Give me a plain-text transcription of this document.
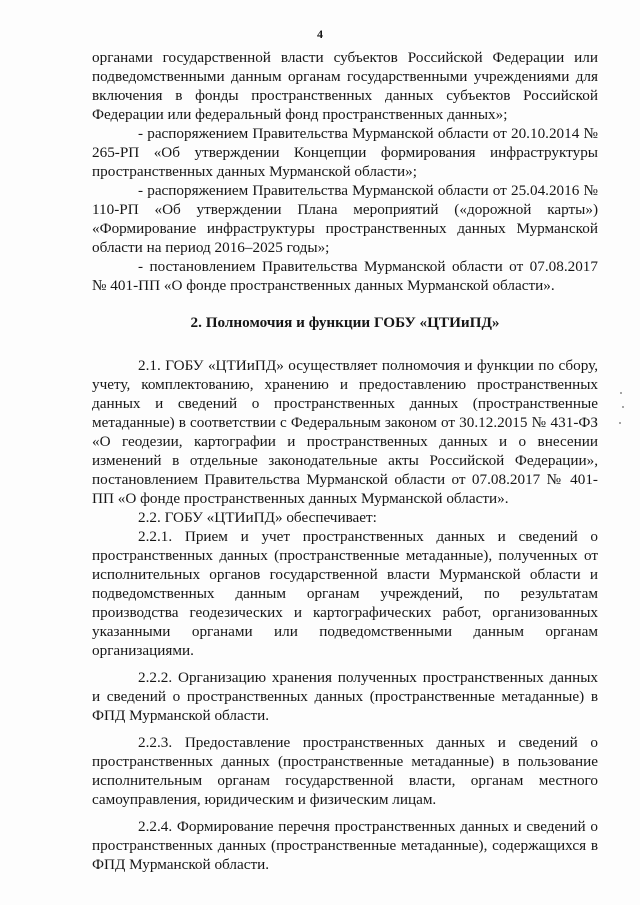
4

органами государственной власти субъектов Российской Федерации или подведомственными данным органам государственными учреждениями для включения в фонды пространственных данных субъектов Российской Федерации или федеральный фонд пространственных данных»;

- распоряжением Правительства Мурманской области от 20.10.2014 № 265-РП «Об утверждении Концепции формирования инфраструктуры пространственных данных Мурманской области»;

- распоряжением Правительства Мурманской области от 25.04.2016 № 110-РП «Об утверждении Плана мероприятий («дорожной карты») «Формирование инфраструктуры пространственных данных Мурманской области на период 2016–2025 годы»;

- постановлением Правительства Мурманской области от 07.08.2017 № 401-ПП «О фонде пространственных данных Мурманской области».

2. Полномочия и функции ГОБУ «ЦТИиПД»

2.1. ГОБУ «ЦТИиПД» осуществляет полномочия и функции по сбору, учету, комплектованию, хранению и предоставлению пространственных данных и сведений о пространственных данных (пространственные метаданные) в соответствии с Федеральным законом от 30.12.2015 № 431-ФЗ «О геодезии, картографии и пространственных данных и о внесении изменений в отдельные законодательные акты Российской Федерации», постановлением Правительства Мурманской области от 07.08.2017 № 401-ПП «О фонде пространственных данных Мурманской области».

2.2. ГОБУ «ЦТИиПД» обеспечивает:

2.2.1. Прием и учет пространственных данных и сведений о пространственных данных (пространственные метаданные), полученных от исполнительных органов государственной власти Мурманской области и подведомственных данным органам учреждений, по результатам производства геодезических и картографических работ, организованных указанными органами или подведомственными данным органам организациями.

2.2.2. Организацию хранения полученных пространственных данных и сведений о пространственных данных (пространственные метаданные) в ФПД Мурманской области.

2.2.3. Предоставление пространственных данных и сведений о пространственных данных (пространственные метаданные) в пользование исполнительным органам государственной власти, органам местного самоуправления, юридическим и физическим лицам.

2.2.4. Формирование перечня пространственных данных и сведений о пространственных данных (пространственные метаданные), содержащихся в ФПД Мурманской области.
